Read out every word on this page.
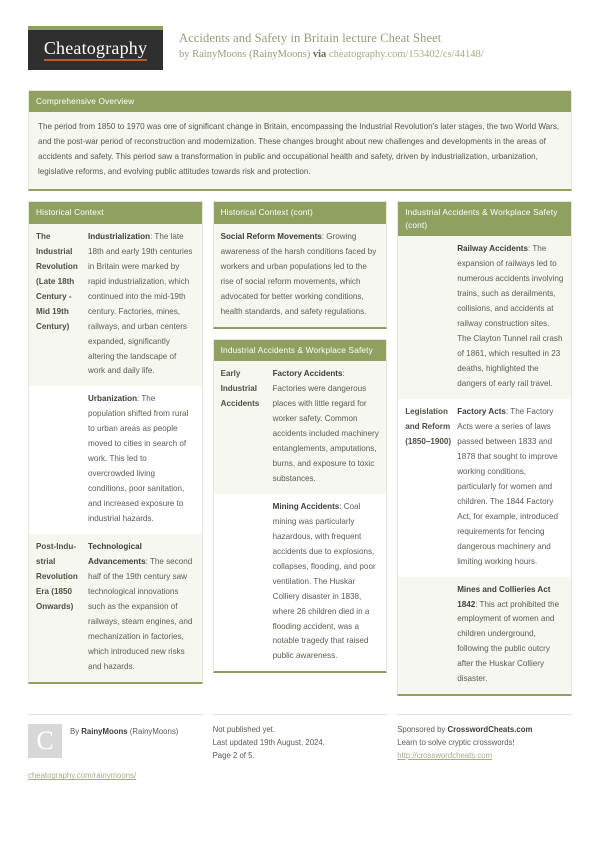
Cheatography	Accidents and Safety in Britain lecture Cheat Sheet
by RainyMoons (RainyMoons) via cheatography.com/153402/cs/44148/
Comprehensive Overview
The period from 1850 to 1970 was one of significant change in Britain, encompassing the Industrial Revolution's later stages, the two World Wars, and the post-war period of reconstruction and modernization. These changes brought about new challenges and developments in the areas of accidents and safety. This period saw a transformation in public and occupational health and safety, driven by industrialization, urbanization, legislative reforms, and evolving public attitudes towards risk and protection.
Historical Context
The Industrial Revolution (Late 18th Century - Mid 19th Century)
Industrialization: The late 18th and early 19th centuries in Britain were marked by rapid industrialization, which continued into the mid-19th century. Factories, mines, railways, and urban centers expanded, significantly altering the landscape of work and daily life.
Urbanization: The population shifted from rural to urban areas as people moved to cities in search of work. This led to overcrowded living conditions, poor sanitation, and increased exposure to industrial hazards.
Post-Industrial Revolution Era (1850 Onwards)
Technological Advancements: The second half of the 19th century saw technological innovations such as the expansion of railways, steam engines, and mechanization in factories, which introduced new risks and hazards.
Historical Context (cont)
Social Reform Movements: Growing awareness of the harsh conditions faced by workers and urban populations led to the rise of social reform movements, which advocated for better working conditions, health standards, and safety regulations.
Industrial Accidents & Workplace Safety
Early Industrial Accidents
Factory Accidents: Factories were dangerous places with little regard for worker safety. Common accidents included machinery entanglements, amputations, burns, and exposure to toxic substances.
Mining Accidents: Coal mining was particularly hazardous, with frequent accidents due to explosions, collapses, flooding, and poor ventilation. The Huskar Colliery disaster in 1838, where 26 children died in a flooding accident, was a notable tragedy that raised public awareness.
Industrial Accidents & Workplace Safety (cont)
Railway Accidents: The expansion of railways led to numerous accidents involving trains, such as derailments, collisions, and accidents at railway construction sites. The Clayton Tunnel rail crash of 1861, which resulted in 23 deaths, highlighted the dangers of early rail travel.
Legislation and Reform (1850–1900)
Factory Acts: The Factory Acts were a series of laws passed between 1833 and 1878 that sought to improve working conditions, particularly for women and children. The 1844 Factory Act, for example, introduced requirements for fencing dangerous machinery and limiting working hours.
Mines and Collieries Act 1842: This act prohibited the employment of women and children underground, following the public outcry after the Huskar Colliery disaster.
C	By RainyMoons (RainyMoons)
cheatography.com/rainymoons/
Not published yet.
Last updated 19th August, 2024.
Page 2 of 5.
Sponsored by CrosswordCheats.com
Learn to solve cryptic crosswords!
http://crosswordcheats.com
